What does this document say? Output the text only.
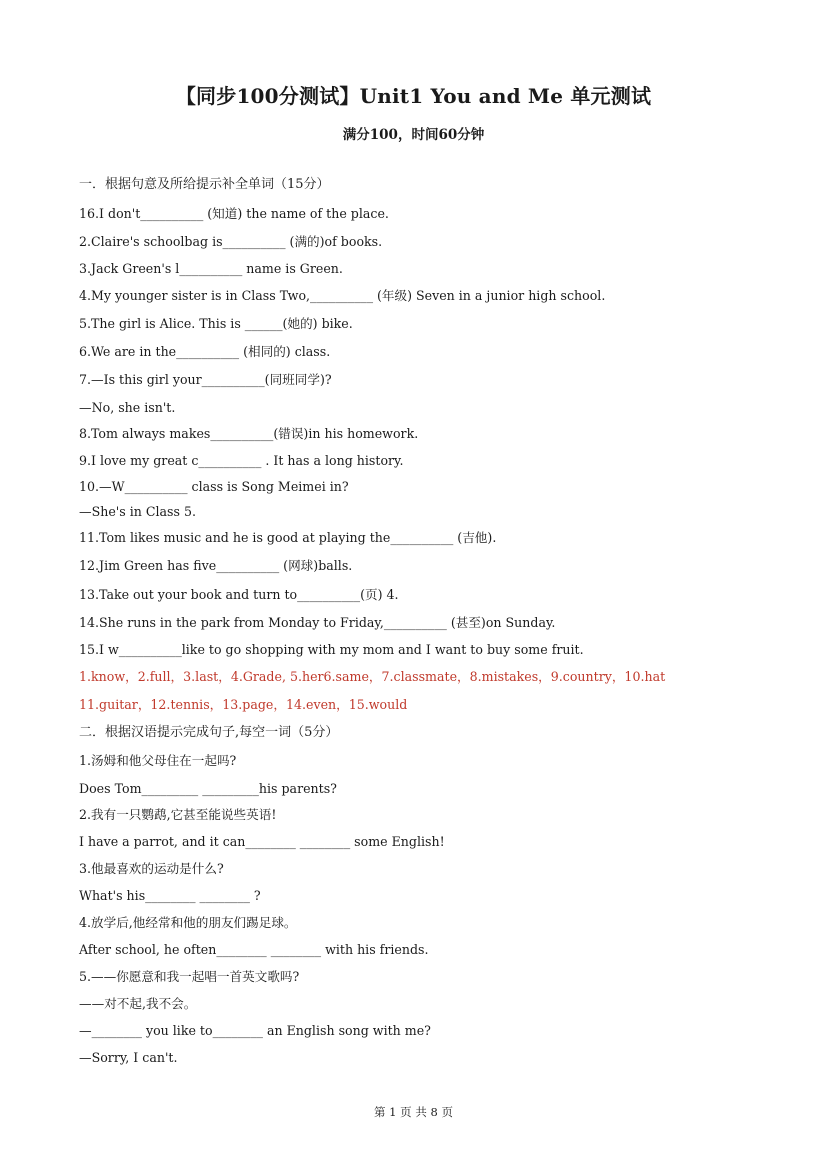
【同步100分测试】Unit1 You and Me 单元测试
满分100，时间60分钟
一．根据句意及所给提示补全单词（15分）
16.I don't__________ (知道) the name of the place.
2.Claire's schoolbag is__________ (满的)of books.
3.Jack Green's l__________ name is Green.
4.My younger sister is in Class Two,__________ (年级) Seven in a junior high school.
5.The girl is Alice. This is ______(她的) bike.
6.We are in the__________ (相同的) class.
7.—Is this girl your__________(同班同学)?
—No, she isn't.
8.Tom always makes__________(错误)in his homework.
9.I love my great c__________ . It has a long history.
10.—W__________ class is Song Meimei in?
—She's in Class 5.
11.Tom likes music and he is good at playing the__________ (吉他).
12.Jim Green has five__________ (网球)balls.
13.Take out your book and turn to__________(页) 4.
14.She runs in the park from Monday to Friday,__________ (甚至)on Sunday.
15.I w__________like to go shopping with my mom and I want to buy some fruit.
1.know，2.full，3.last，4.Grade, 5.her6.same，7.classmate，8.mistakes，9.country，10.hat
11.guitar，12.tennis，13.page，14.even，15.would
二．根据汉语提示完成句子,每空一词（5分）
1.汤姆和他父母住在一起吗?
Does Tom_________ _________his parents?
2.我有一只鹦鹉,它甚至能说些英语!
I have a parrot, and it can________ ________ some English!
3.他最喜欢的运动是什么?
What's his________ ________ ?
4.放学后,他经常和他的朋友们踢足球。
After school, he often________ ________ with his friends.
5.——你愿意和我一起唱一首英文歌吗?
——对不起,我不会。
—________ you like to________ an English song with me?
—Sorry, I can't.
第 1 页 共 8 页
